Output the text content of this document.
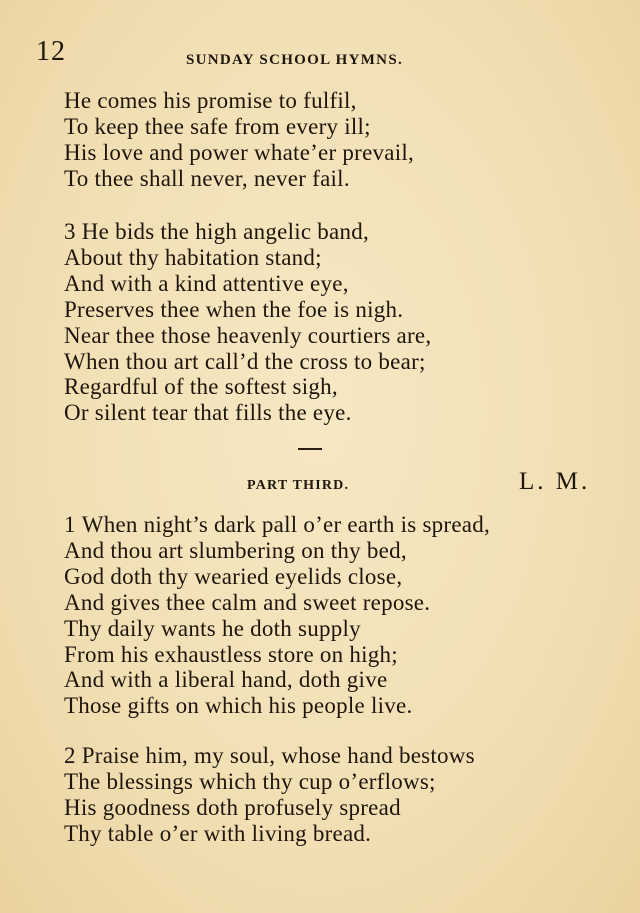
12	SUNDAY SCHOOL HYMNS.
He comes his promise to fulfil,
To keep thee safe from every ill;
His love and power whate’er prevail,
To thee shall never, never fail.
3 He bids the high angelic band,
About thy habitation stand;
And with a kind attentive eye,
Preserves thee when the foe is nigh.
Near thee those heavenly courtiers are,
When thou art call’d the cross to bear;
Regardful of the softest sigh,
Or silent tear that fills the eye.
PART THIRD.	L. M.
1 When night’s dark pall o’er earth is spread,
And thou art slumbering on thy bed,
God doth thy wearied eyelids close,
And gives thee calm and sweet repose.
Thy daily wants he doth supply
From his exhaustless store on high;
And with a liberal hand, doth give
Those gifts on which his people live.
2 Praise him, my soul, whose hand bestows
The blessings which thy cup o’erflows;
His goodness doth profusely spread
Thy table o’er with living bread.
